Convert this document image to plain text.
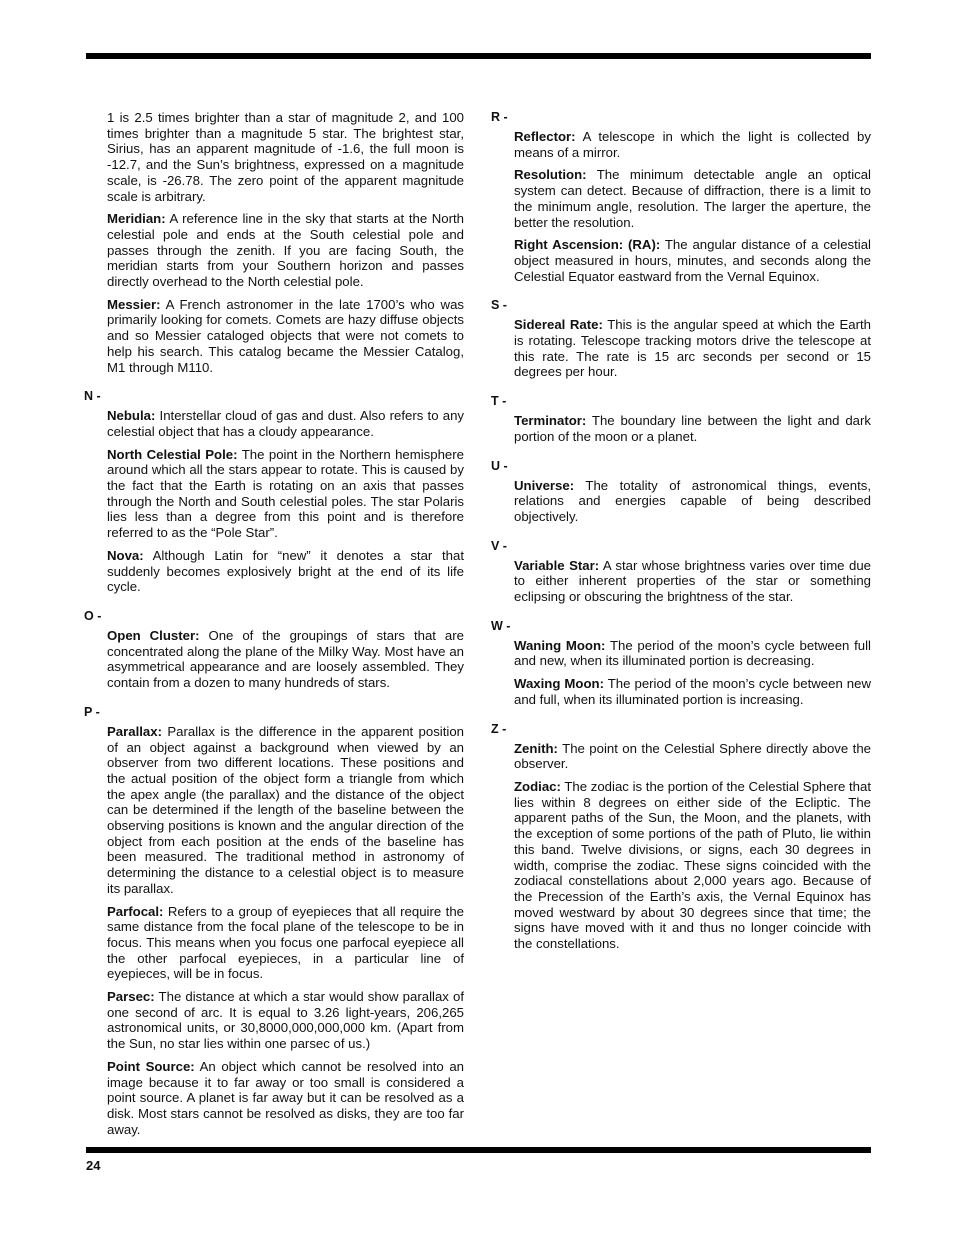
1 is 2.5 times brighter than a star of magnitude 2, and 100 times brighter than a magnitude 5 star. The brightest star, Sirius, has an apparent magnitude of -1.6, the full moon is -12.7, and the Sun’s brightness, expressed on a magnitude scale, is -26.78. The zero point of the apparent magnitude scale is arbitrary.

Meridian: A reference line in the sky that starts at the North celestial pole and ends at the South celestial pole and passes through the zenith. If you are facing South, the meridian starts from your Southern horizon and passes directly overhead to the North celestial pole.

Messier: A French astronomer in the late 1700’s who was primarily looking for comets. Comets are hazy diffuse objects and so Messier cataloged objects that were not comets to help his search. This catalog became the Messier Catalog, M1 through M110.

N -

Nebula: Interstellar cloud of gas and dust. Also refers to any celestial object that has a cloudy appearance.

North Celestial Pole: The point in the Northern hemisphere around which all the stars appear to rotate. This is caused by the fact that the Earth is rotating on an axis that passes through the North and South celestial poles. The star Polaris lies less than a degree from this point and is therefore referred to as the “Pole Star”.

Nova: Although Latin for “new” it denotes a star that suddenly becomes explosively bright at the end of its life cycle.

O -

Open Cluster: One of the groupings of stars that are concentrated along the plane of the Milky Way. Most have an asymmetrical appearance and are loosely assembled. They contain from a dozen to many hundreds of stars.

P -

Parallax: Parallax is the difference in the apparent position of an object against a background when viewed by an observer from two different locations. These positions and the actual position of the object form a triangle from which the apex angle (the parallax) and the distance of the object can be determined if the length of the baseline between the observing positions is known and the angular direction of the object from each position at the ends of the baseline has been measured. The traditional method in astronomy of determining the distance to a celestial object is to measure its parallax.

Parfocal: Refers to a group of eyepieces that all require the same distance from the focal plane of the telescope to be in focus. This means when you focus one parfocal eyepiece all the other parfocal eyepieces, in a particular line of eyepieces, will be in focus.

Parsec: The distance at which a star would show parallax of one second of arc. It is equal to 3.26 light-years, 206,265 astronomical units, or 30,8000,000,000,000 km. (Apart from the Sun, no star lies within one parsec of us.)

Point Source: An object which cannot be resolved into an image because it to far away or too small is considered a point source. A planet is far away but it can be resolved as a disk. Most stars cannot be resolved as disks, they are too far away.

R -

Reflector: A telescope in which the light is collected by means of a mirror.

Resolution: The minimum detectable angle an optical system can detect. Because of diffraction, there is a limit to the minimum angle, resolution. The larger the aperture, the better the resolution.

Right Ascension: (RA): The angular distance of a celestial object measured in hours, minutes, and seconds along the Celestial Equator eastward from the Vernal Equinox.

S -

Sidereal Rate: This is the angular speed at which the Earth is rotating. Telescope tracking motors drive the telescope at this rate. The rate is 15 arc seconds per second or 15 degrees per hour.

T -

Terminator: The boundary line between the light and dark portion of the moon or a planet.

U -

Universe: The totality of astronomical things, events, relations and energies capable of being described objectively.

V -

Variable Star: A star whose brightness varies over time due to either inherent properties of the star or something eclipsing or obscuring the brightness of the star.

W -

Waning Moon: The period of the moon’s cycle between full and new, when its illuminated portion is decreasing.

Waxing Moon: The period of the moon’s cycle between new and full, when its illuminated portion is increasing.

Z -

Zenith: The point on the Celestial Sphere directly above the observer.

Zodiac: The zodiac is the portion of the Celestial Sphere that lies within 8 degrees on either side of the Ecliptic. The apparent paths of the Sun, the Moon, and the planets, with the exception of some portions of the path of Pluto, lie within this band. Twelve divisions, or signs, each 30 degrees in width, comprise the zodiac. These signs coincided with the zodiacal constellations about 2,000 years ago. Because of the Precession of the Earth’s axis, the Vernal Equinox has moved westward by about 30 degrees since that time; the signs have moved with it and thus no longer coincide with the constellations.

24
